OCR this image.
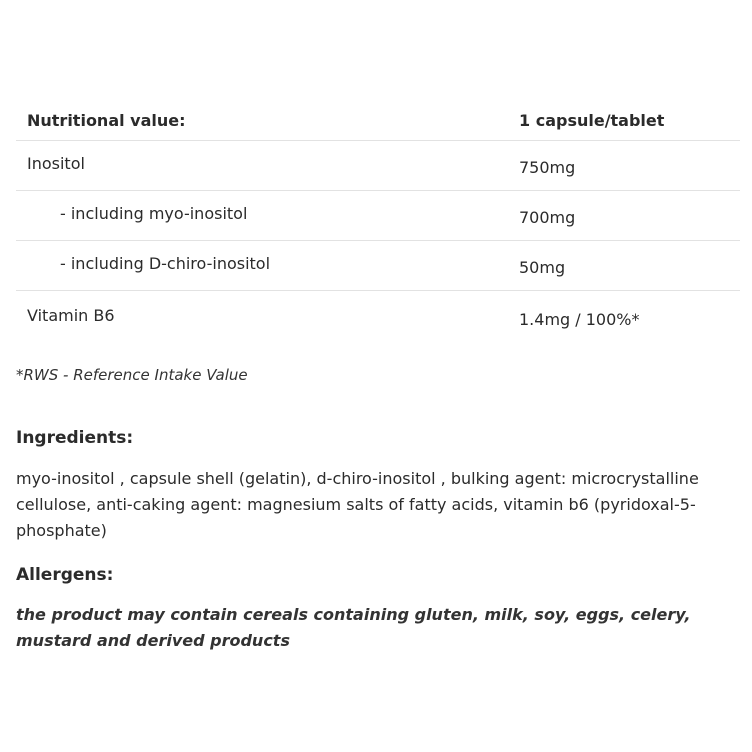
Nutritional value:	1 capsule/tablet
Inositol	750mg
- including myo-inositol	700mg
- including D-chiro-inositol	50mg
Vitamin B6	1.4mg / 100%*
*RWS - Reference Intake Value
Ingredients:

myo-inositol , capsule shell (gelatin), d-chiro-inositol , bulking agent: microcrystalline cellulose, anti-caking agent: magnesium salts of fatty acids, vitamin b6 (pyridoxal-5-phosphate)

Allergens:

the product may contain cereals containing gluten, milk, soy, eggs, celery, mustard and derived products
